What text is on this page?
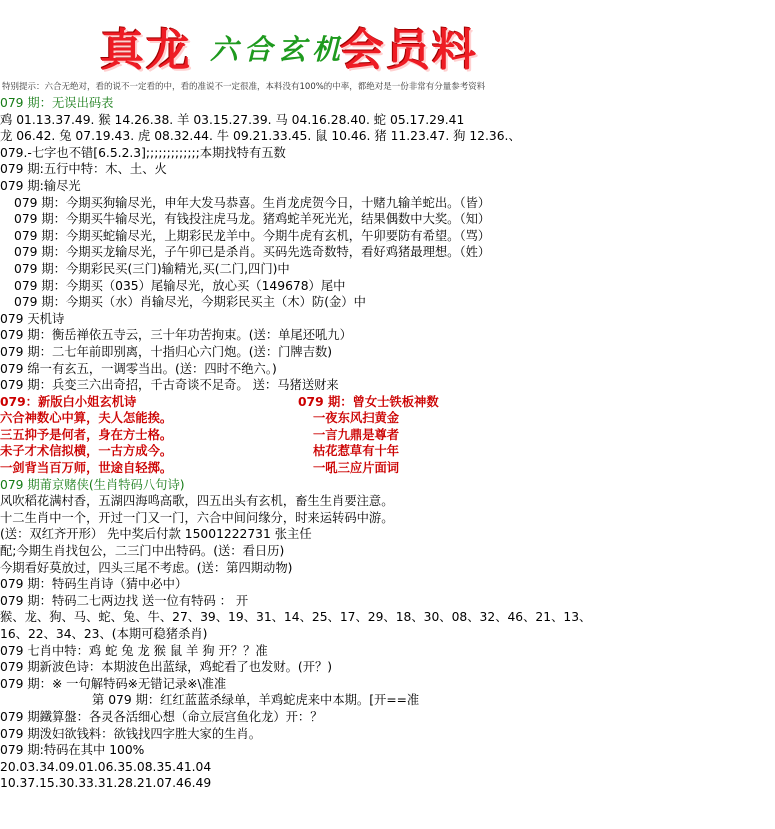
真龙 六合玄机
会员料
特别提示：六合无绝对，看的说不一定看的中，看的准说不一定很准，本料没有100%的中率，都绝对是一份非常有分量参考资料
079 期：无误出码表
鸡 01.13.37.49. 猴 14.26.38. 羊 03.15.27.39. 马 04.16.28.40. 蛇 05.17.29.41
龙 06.42. 兔 07.19.43. 虎 08.32.44. 牛 09.21.33.45. 鼠 10.46. 猪 11.23.47. 狗 12.36.、
079.-七字也不错[6.5.2.3];;;;;;;;;;;;;本期找特有五数
079 期:五行中特：木、土、火
079 期:输尽光
079 期：今期买狗输尽光，申年大发马恭喜。生肖龙虎贺今日，十赌九输羊蛇出。（皆）
079 期：今期买牛输尽光，有钱投注虎马龙。猪鸡蛇羊死光光，结果偶数中大奖。（知）
079 期：今期买蛇输尽光，上期彩民龙羊中。今期牛虎有玄机，午卯要防有希望。（骂）
079 期：今期买龙输尽光，子午卯已是杀肖。买码先选奇数特，看好鸡猪最理想。（姓）
079 期：今期彩民买(三门)输精光,买(二门,四门)中
079 期：今期买（035）尾输尽光，放心买（149678）尾中
079 期：今期买（水）肖输尽光，今期彩民买主（木）防(金）中
079 天机诗
079 期：衡岳禅依五寺云，三十年功苦拘束。(送：单尾还吼九）
079 期：二七年前即别离，十指归心六门炮。(送：门牌吉数)
079 绵一有玄五，一调零当出。(送：四时不绝六。)
079 期：兵变三六出奇招，千古奇谈不足奇。 送：马猪送财来
079：新版白小姐玄机诗	079 期：曾女士铁板神数
六合神数心中算，夫人怎能挨。	一夜东风扫黄金
三五抑予是何者，身在方士格。	一言九鼎是尊者
未子才术信拟横，一古方成今。	枯花惹草有十年
一剑背当百万师，世途自轻掷。	一吼三应片面词
079 期莆京赌侠(生肖特码八句诗)
风吹稻花满村香，五湖四海鸣高歌，四五出头有玄机，畜生生肖要注意。
十二生肖中一个，开过一门又一门，六合中间问缘分，时来运转码中游。
(送：双红齐开形） 先中奖后付款 15001222731 张主任
配;今期生肖找包公，二三门中出特码。(送：看日历)
今期看好莫放过，四头三尾不考虑。(送：第四期动物)
079 期：特码生肖诗（猜中必中）
079 期：特码二七两边找 送一位有特码 ： 开
猴、龙、狗、马、蛇、兔、牛、27、39、19、31、14、25、17、29、18、30、08、32、46、21、13、
16、22、34、23、(本期可稳猪杀肖)
079 七肖中特：鸡 蛇 兔 龙 猴 鼠 羊 狗 开？？准
079 期新波色诗：本期波色出蓝绿，鸡蛇看了也发财。(开？)
079 期：※ 一句解特码※无错记录※\准准
第 079 期：红红蓝蓝杀绿单，羊鸡蛇虎来中本期。[开==准
079 期鐵算盤：各灵各活细心想（命立辰宫鱼化龙）开：？
079 期泼妇欲钱料：欲钱找四字胜大家的生肖。
079 期:特码在其中 100%
20.03.34.09.01.06.35.08.35.41.04
10.37.15.30.33.31.28.21.07.46.49
